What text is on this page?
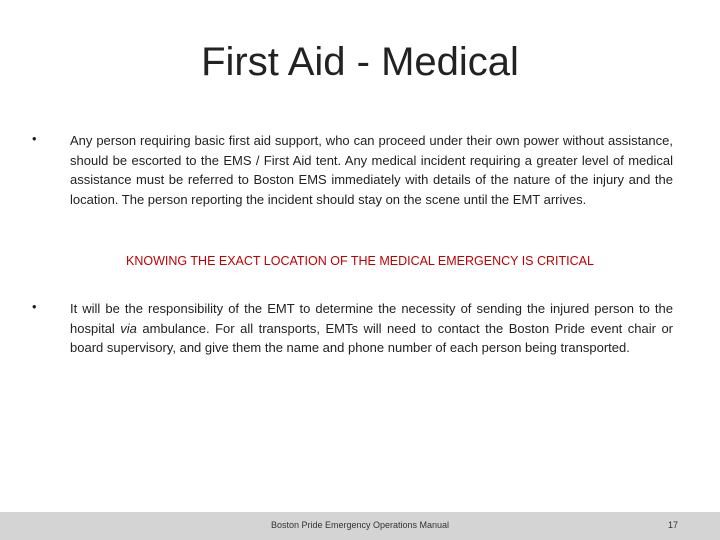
First Aid - Medical
•	Any person requiring basic first aid support, who can proceed under their own power without assistance, should be escorted to the EMS / First Aid tent. Any medical incident requiring a greater level of medical assistance must be referred to Boston EMS immediately with details of the nature of the injury and the location. The person reporting the incident should stay on the scene until the EMT arrives.
KNOWING THE EXACT LOCATION OF THE MEDICAL EMERGENCY IS CRITICAL
•	It will be the responsibility of the EMT to determine the necessity of sending the injured person to the hospital via ambulance. For all transports, EMTs will need to contact the Boston Pride event chair or board supervisory, and give them the name and phone number of each person being transported.
Boston Pride Emergency Operations Manual	17
